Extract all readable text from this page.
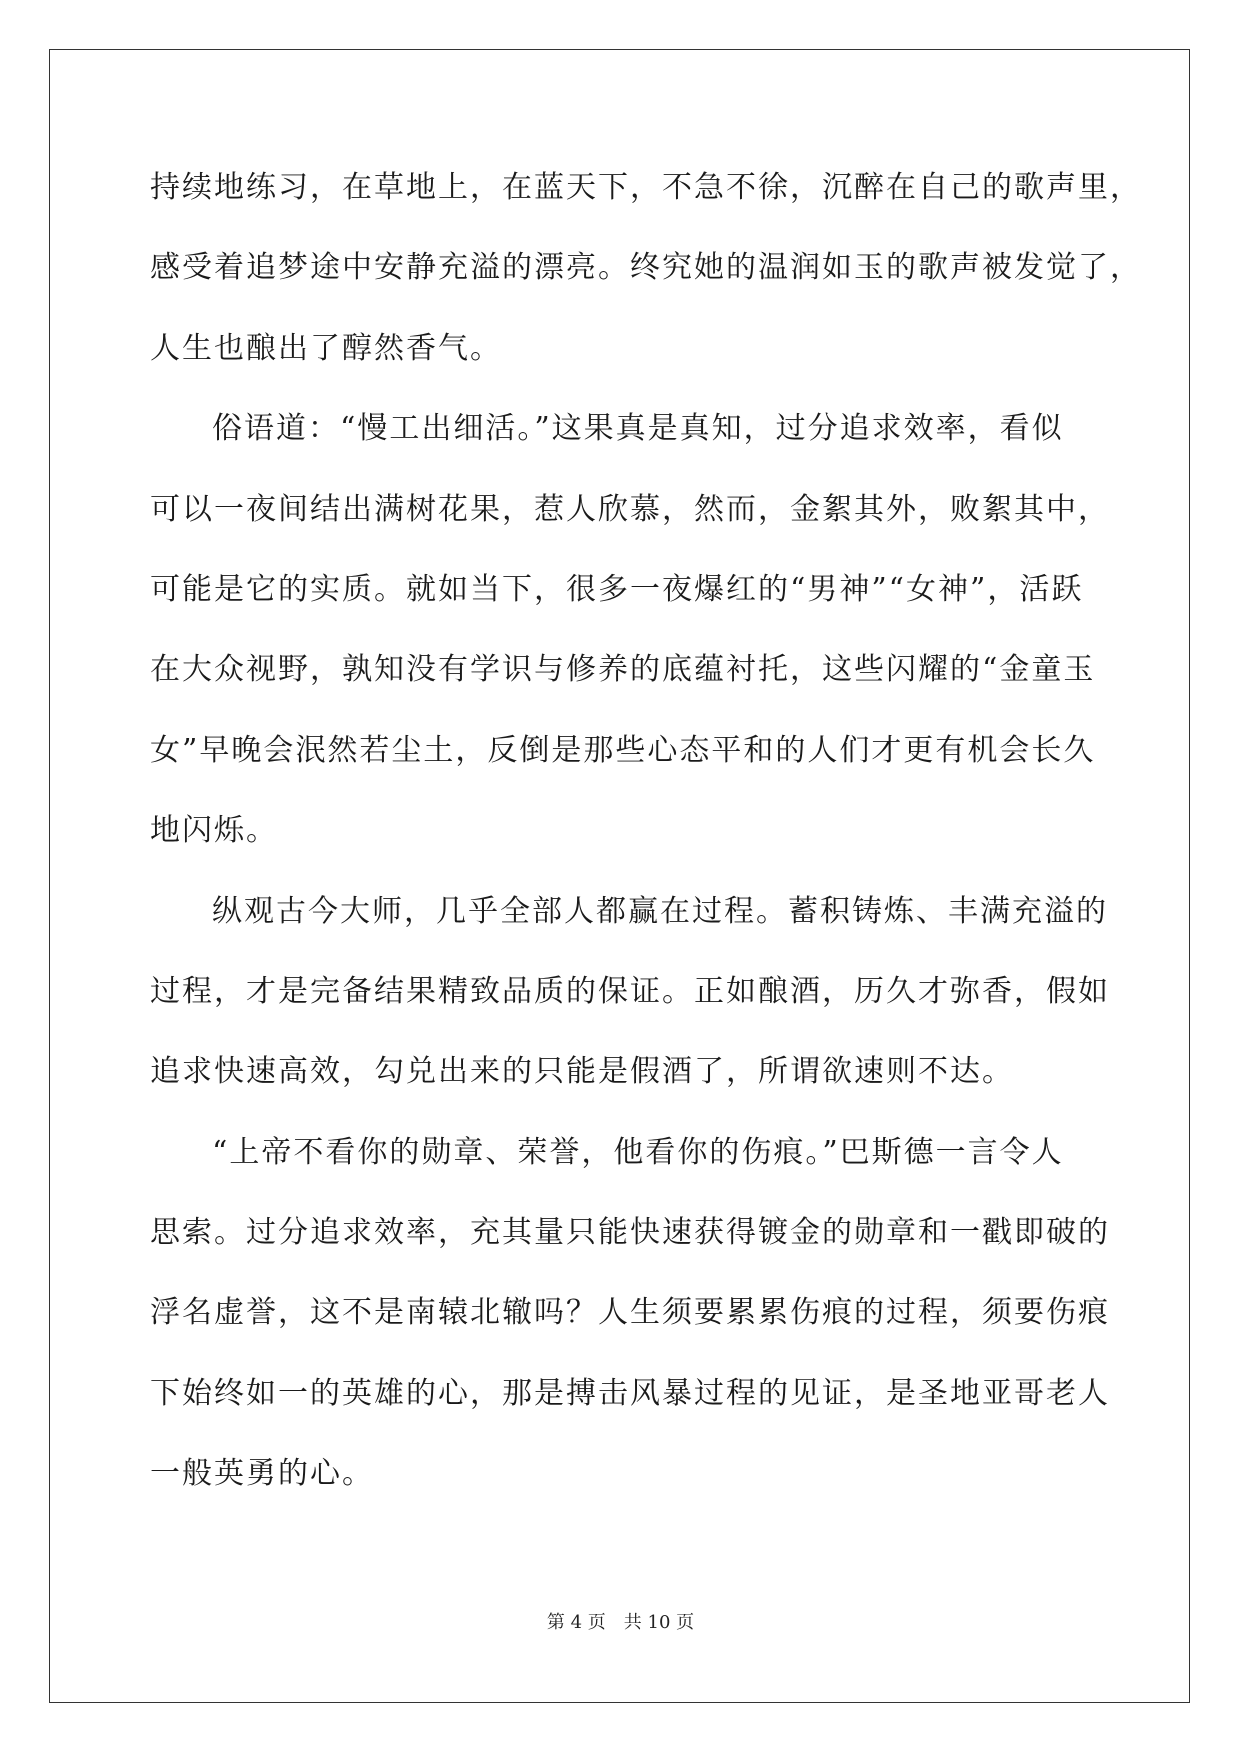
持续地练习，在草地上，在蓝天下，不急不徐，沉醉在自己的歌声里，
感受着追梦途中安静充溢的漂亮。终究她的温润如玉的歌声被发觉了，
人生也酿出了醇然香气。
俗语道：“慢工出细活。”这果真是真知，过分追求效率，看似
可以一夜间结出满树花果，惹人欣慕，然而，金絮其外，败絮其中，
可能是它的实质。就如当下，很多一夜爆红的“男神”“女神”，活跃
在大众视野，孰知没有学识与修养的底蕴衬托，这些闪耀的“金童玉
女”早晚会泯然若尘土，反倒是那些心态平和的人们才更有机会长久
地闪烁。
纵观古今大师，几乎全部人都赢在过程。蓄积铸炼、丰满充溢的
过程，才是完备结果精致品质的保证。正如酿酒，历久才弥香，假如
追求快速高效，勾兑出来的只能是假酒了，所谓欲速则不达。
“上帝不看你的勋章、荣誉，他看你的伤痕。”巴斯德一言令人
思索。过分追求效率，充其量只能快速获得镀金的勋章和一戳即破的
浮名虚誉，这不是南辕北辙吗？人生须要累累伤痕的过程，须要伤痕
下始终如一的英雄的心，那是搏击风暴过程的见证，是圣地亚哥老人
一般英勇的心。
第 4 页 共 10 页
